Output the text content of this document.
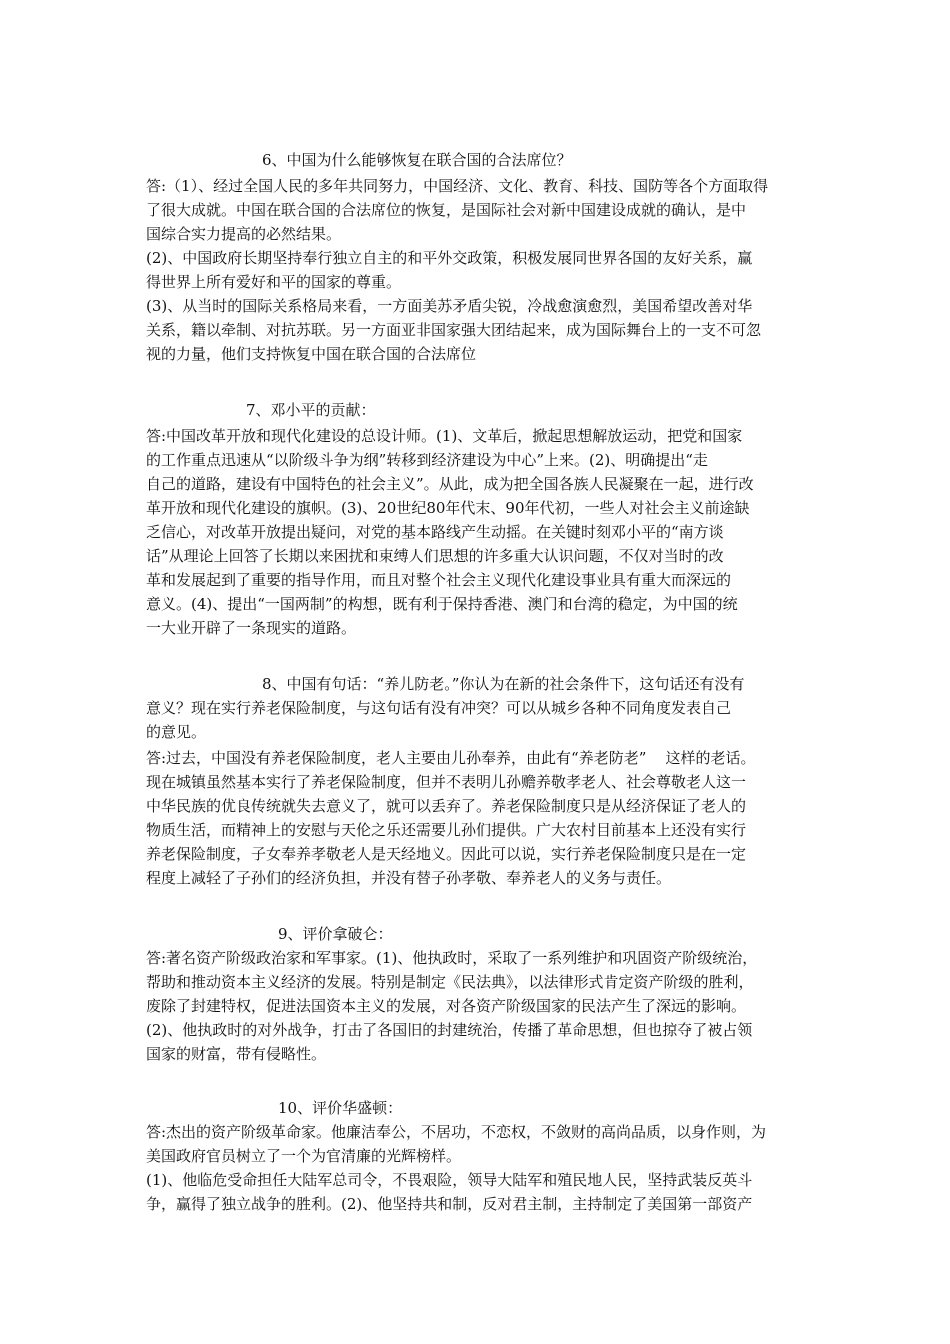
6、中国为什么能够恢复在联合国的合法席位？
答:（1）、经过全国人民的多年共同努力，中国经济、文化、教育、科技、国防等各个方面取得
了很大成就。中国在联合国的合法席位的恢复，是国际社会对新中国建设成就的确认，是中
国综合实力提高的必然结果。
(2)、中国政府长期坚持奉行独立自主的和平外交政策，积极发展同世界各国的友好关系，赢
得世界上所有爱好和平的国家的尊重。
(3)、从当时的国际关系格局来看，一方面美苏矛盾尖锐，冷战愈演愈烈，美国希望改善对华
关系，籍以牵制、对抗苏联。另一方面亚非国家强大团结起来，成为国际舞台上的一支不可忽
视的力量，他们支持恢复中国在联合国的合法席位
7、邓小平的贡献：
答:中国改革开放和现代化建设的总设计师。(1)、文革后，掀起思想解放运动，把党和国家
的工作重点迅速从“以阶级斗争为纲”转移到经济建设为中心”上来。(2)、明确提出“走
自己的道路，建设有中国特色的社会主义”。从此，成为把全国各族人民凝聚在一起，进行改
革开放和现代化建设的旗帜。(3)、20世纪80年代末、90年代初，一些人对社会主义前途缺
乏信心，对改革开放提出疑问，对党的基本路线产生动摇。在关键时刻邓小平的“南方谈
话”从理论上回答了长期以来困扰和束缚人们思想的许多重大认识问题，不仅对当时的改
革和发展起到了重要的指导作用，而且对整个社会主义现代化建设事业具有重大而深远的
意义。(4)、提出“一国两制”的构想，既有利于保持香港、澳门和台湾的稳定，为中国的统
一大业开辟了一条现实的道路。
8、中国有句话：“养儿防老。”你认为在新的社会条件下，这句话还有没有
意义？现在实行养老保险制度，与这句话有没有冲突？可以从城乡各种不同角度发表自己
的意见。
答:过去，中国没有养老保险制度，老人主要由儿孙奉养，由此有“养老防老”    这样的老话。
现在城镇虽然基本实行了养老保险制度，但并不表明儿孙赡养敬孝老人、社会尊敬老人这一
中华民族的优良传统就失去意义了，就可以丢弃了。养老保险制度只是从经济保证了老人的
物质生活，而精神上的安慰与天伦之乐还需要儿孙们提供。广大农村目前基本上还没有实行
养老保险制度，子女奉养孝敬老人是天经地义。因此可以说，实行养老保险制度只是在一定
程度上减轻了子孙们的经济负担，并没有替子孙孝敬、奉养老人的义务与责任。
9、评价拿破仑：
答:著名资产阶级政治家和军事家。(1)、他执政时，采取了一系列维护和巩固资产阶级统治，
帮助和推动资本主义经济的发展。特别是制定《民法典》，以法律形式肯定资产阶级的胜利，
废除了封建特权，促进法国资本主义的发展，对各资产阶级国家的民法产生了深远的影响。
(2)、他执政时的对外战争，打击了各国旧的封建统治，传播了革命思想，但也掠夺了被占领
国家的财富，带有侵略性。
10、评价华盛顿：
答:杰出的资产阶级革命家。他廉洁奉公，不居功，不恋权，不敛财的高尚品质，以身作则，为
美国政府官员树立了一个为官清廉的光辉榜样。
(1)、他临危受命担任大陆军总司令，不畏艰险，领导大陆军和殖民地人民，坚持武装反英斗
争，赢得了独立战争的胜利。(2)、他坚持共和制，反对君主制，主持制定了美国第一部资产
